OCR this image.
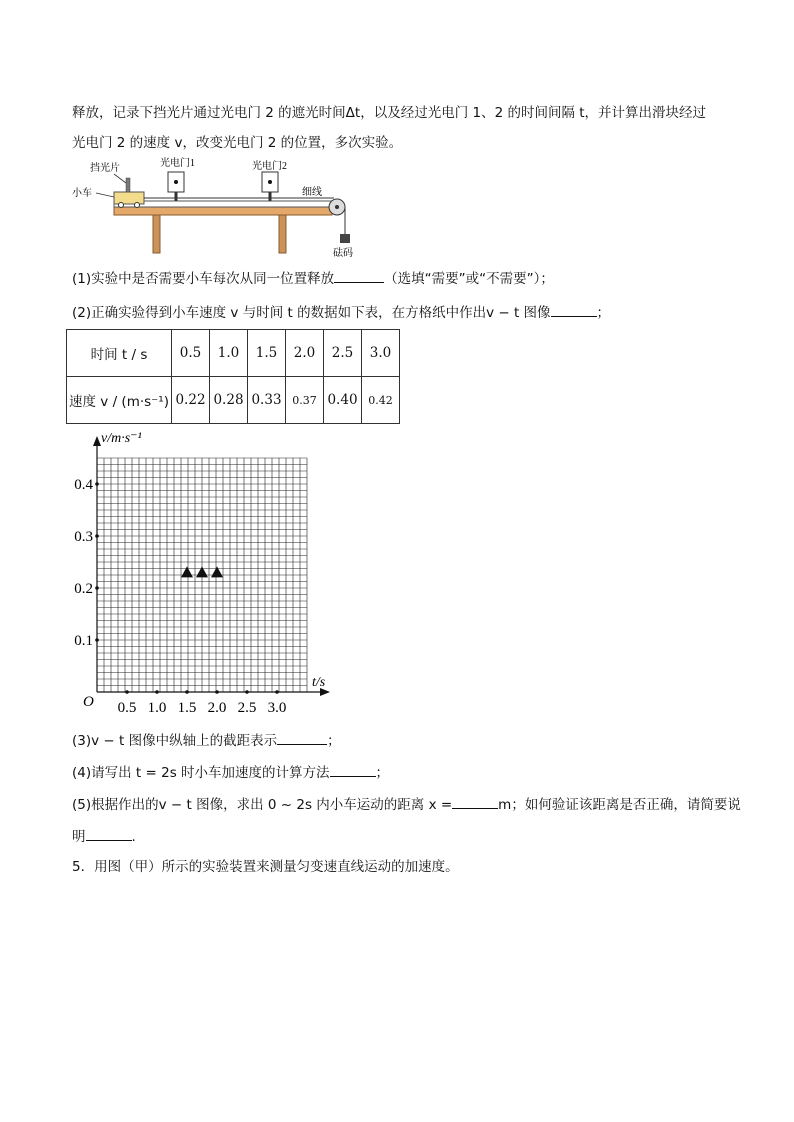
释放，记录下挡光片通过光电门 2 的遮光时间Δt，以及经过光电门 1、2 的时间间隔 t，并计算出滑块经过
光电门 2 的速度 v，改变光电门 2 的位置，多次实验。
挡光片
小车
光电门1	光电门2
细线
砝码
(1)实验中是否需要小车每次从同一位置释放	（选填“需要”或“不需要”）；
(2)正确实验得到小车速度 v 与时间 t 的数据如下表，在方格纸中作出v − t 图像	；
时间 t / s	0.5	1.0	1.5	2.0	2.5	3.0
速度 v / (m·s⁻¹)	0.22	0.28	0.33	0.37	0.40	0.42
0.5 1.0 1.5 2.0 2.5 3.0
0.1
0.2
0.3
0.4
v/m·s⁻¹
t/s
O
(3)v − t 图像中纵轴上的截距表示	；
(4)请写出 t = 2s 时小车加速度的计算方法	；
(5)根据作出的v − t 图像，求出 0 ~ 2s 内小车运动的距离 x =	m；如何验证该距离是否正确，请简要说
明	.
5．用图（甲）所示的实验装置来测量匀变速直线运动的加速度。
